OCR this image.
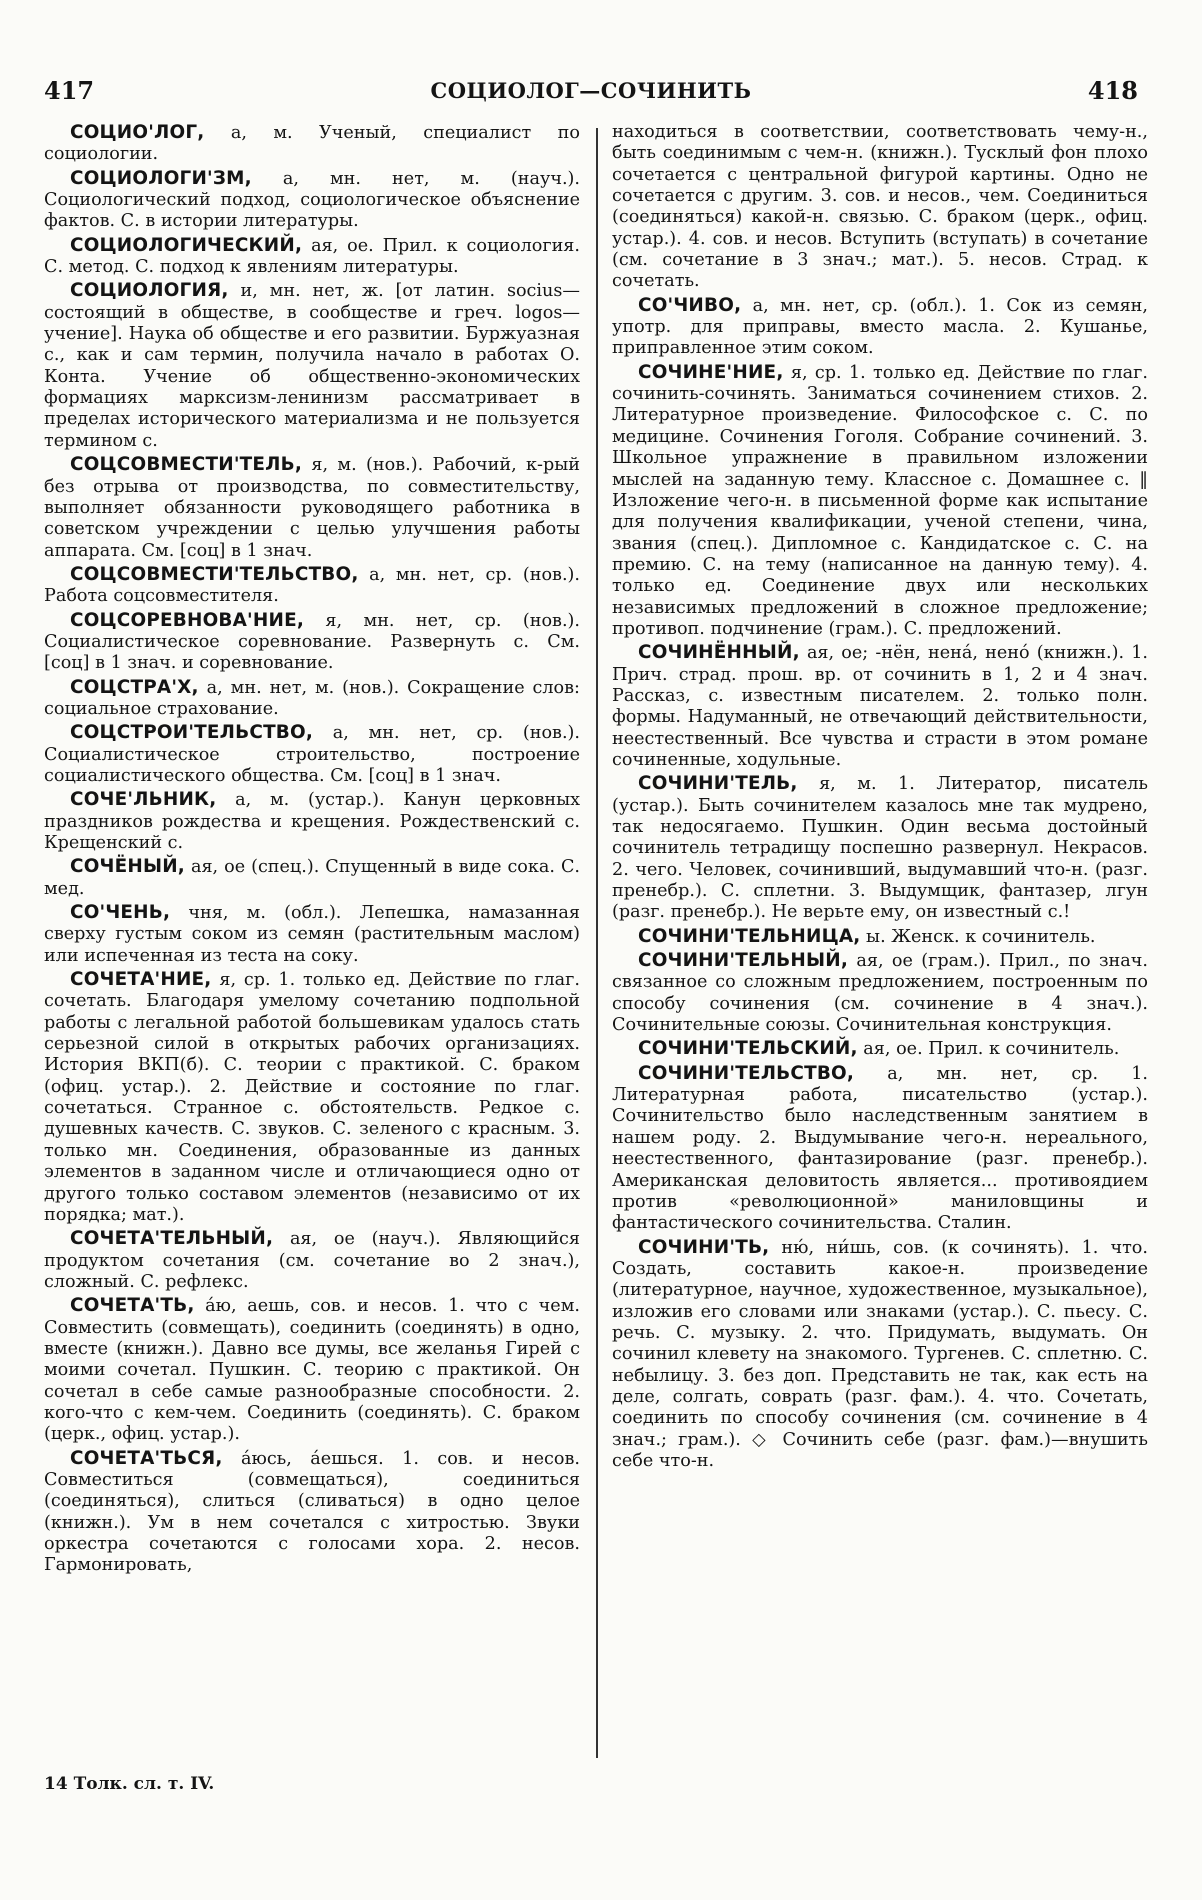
417	СОЦИОЛОГ—СОЧИНИТЬ	418

СОЦИО'ЛОГ, а, м. Ученый, специалист по социологии.

СОЦИОЛОГИ'ЗМ, а, мн. нет, м. (науч.). Социологический подход, социологическое объяснение фактов. С. в истории литературы.

СОЦИОЛОГИЧЕСКИЙ, ая, ое. Прил. к социология. С. метод. С. подход к явлениям литературы.

СОЦИОЛОГИЯ, и, мн. нет, ж. [от латин. socius—состоящий в обществе, в сообществе и греч. logos—учение]. Наука об обществе и его развитии. Буржуазная с., как и сам термин, получила начало в работах О. Конта. Учение об общественно-экономических формациях марксизм-ленинизм рассматривает в пределах исторического материализма и не пользуется термином с.

СОЦСОВМЕСТИ'ТЕЛЬ, я, м. (нов.). Рабочий, к-рый без отрыва от производства, по совместительству, выполняет обязанности руководящего работника в советском учреждении с целью улучшения работы аппарата. См. [соц] в 1 знач.

СОЦСОВМЕСТИ'ТЕЛЬСТВО, а, мн. нет, ср. (нов.). Работа соцсовместителя.

СОЦСОРЕВНОВА'НИЕ, я, мн. нет, ср. (нов.). Социалистическое соревнование. Развернуть с. См. [соц] в 1 знач. и соревнование.

СОЦСТРА'Х, а, мн. нет, м. (нов.). Сокращение слов: социальное страхование.

СОЦСТРОИ'ТЕЛЬСТВО, а, мн. нет, ср. (нов.). Социалистическое строительство, построение социалистического общества. См. [соц] в 1 знач.

СОЧЕ'ЛЬНИК, а, м. (устар.). Канун церковных праздников рождества и крещения. Рождественский с. Крещенский с.

СОЧЁНЫЙ, ая, ое (спец.). Спущенный в виде сока. С. мед.

СО'ЧЕНЬ, чня, м. (обл.). Лепешка, намазанная сверху густым соком из семян (растительным маслом) или испеченная из теста на соку.

СОЧЕТА'НИЕ, я, ср. 1. только ед. Действие по глаг. сочетать. Благодаря умелому сочетанию подпольной работы с легальной работой большевикам удалось стать серьезной силой в открытых рабочих организациях. История ВКП(б). С. теории с практикой. С. браком (офиц. устар.). 2. Действие и состояние по глаг. сочетаться. Странное с. обстоятельств. Редкое с. душевных качеств. С. звуков. С. зеленого с красным. 3. только мн. Соединения, образованные из данных элементов в заданном числе и отличающиеся одно от другого только составом элементов (независимо от их порядка; мат.).

СОЧЕТА'ТЕЛЬНЫЙ, ая, ое (науч.). Являющийся продуктом сочетания (см. сочетание во 2 знач.), сложный. С. рефлекс.

СОЧЕТА'ТЬ, а́ю, аешь, сов. и несов. 1. что с чем. Совместить (совмещать), соединить (соединять) в одно, вместе (книжн.). Давно все думы, все желанья Гирей с моими сочетал. Пушкин. С. теорию с практикой. Он сочетал в себе самые разнообразные способности. 2. кого-что с кем-чем. Соединить (соединять). С. браком (церк., офиц. устар.).

СОЧЕТА'ТЬСЯ, а́юсь, а́ешься. 1. сов. и несов. Совместиться (совмещаться), соединиться (соединяться), слиться (сливаться) в одно целое (книжн.). Ум в нем сочетался с хитростью. Звуки оркестра сочетаются с голосами хора. 2. несов. Гармонировать,

находиться в соответствии, соответствовать чему-н., быть соединимым с чем-н. (книжн.). Тусклый фон плохо сочетается с центральной фигурой картины. Одно не сочетается с другим. 3. сов. и несов., чем. Соединиться (соединяться) какой-н. связью. С. браком (церк., офиц. устар.). 4. сов. и несов. Вступить (вступать) в сочетание (см. сочетание в 3 знач.; мат.). 5. несов. Страд. к сочетать.

СО'ЧИВО, а, мн. нет, ср. (обл.). 1. Сок из семян, употр. для приправы, вместо масла. 2. Кушанье, приправленное этим соком.

СОЧИНЕ'НИЕ, я, ср. 1. только ед. Действие по глаг. сочинить-сочинять. Заниматься сочинением стихов. 2. Литературное произведение. Философское с. С. по медицине. Сочинения Гоголя. Собрание сочинений. 3. Школьное упражнение в правильном изложении мыслей на заданную тему. Классное с. Домашнее с. ‖ Изложение чего-н. в письменной форме как испытание для получения квалификации, ученой степени, чина, звания (спец.). Дипломное с. Кандидатское с. С. на премию. С. на тему (написанное на данную тему). 4. только ед. Соединение двух или нескольких независимых предложений в сложное предложение; противоп. подчинение (грам.). С. предложений.

СОЧИНЁННЫЙ, ая, ое; -нён, нена́, нено́ (книжн.). 1. Прич. страд. прош. вр. от сочинить в 1, 2 и 4 знач. Рассказ, с. известным писателем. 2. только полн. формы. Надуманный, не отвечающий действительности, неестественный. Все чувства и страсти в этом романе сочиненные, ходульные.

СОЧИНИ'ТЕЛЬ, я, м. 1. Литератор, писатель (устар.). Быть сочинителем казалось мне так мудрено, так недосягаемо. Пушкин. Один весьма достойный сочинитель тетрадищу поспешно развернул. Некрасов. 2. чего. Человек, сочинивший, выдумавший что-н. (разг. пренебр.). С. сплетни. 3. Выдумщик, фантазер, лгун (разг. пренебр.). Не верьте ему, он известный с.!

СОЧИНИ'ТЕЛЬНИЦА, ы. Женск. к сочинитель.

СОЧИНИ'ТЕЛЬНЫЙ, ая, ое (грам.). Прил., по знач. связанное со сложным предложением, построенным по способу сочинения (см. сочинение в 4 знач.). Сочинительные союзы. Сочинительная конструкция.

СОЧИНИ'ТЕЛЬСКИЙ, ая, ое. Прил. к сочинитель.

СОЧИНИ'ТЕЛЬСТВО, а, мн. нет, ср. 1. Литературная работа, писательство (устар.). Сочинительство было наследственным занятием в нашем роду. 2. Выдумывание чего-н. нереального, неестественного, фантазирование (разг. пренебр.). Американская деловитость является... противоядием против «революционной» маниловщины и фантастического сочинительства. Сталин.

СОЧИНИ'ТЬ, ню́, ни́шь, сов. (к сочинять). 1. что. Создать, составить какое-н. произведение (литературное, научное, художественное, музыкальное), изложив его словами или знаками (устар.). С. пьесу. С. речь. С. музыку. 2. что. Придумать, выдумать. Он сочинил клевету на знакомого. Тургенев. С. сплетню. С. небылицу. 3. без доп. Представить не так, как есть на деле, солгать, соврать (разг. фам.). 4. что. Сочетать, соединить по способу сочинения (см. сочинение в 4 знач.; грам.). ◇ Сочинить себе (разг. фам.)—внушить себе что-н.

14 Толк. сл. т. IV.
